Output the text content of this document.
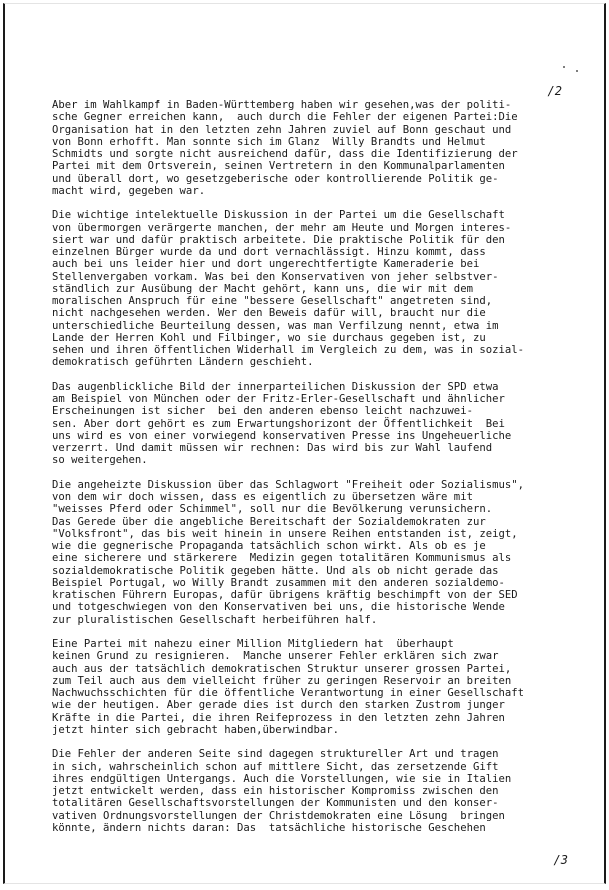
/2

Aber im Wahlkampf in Baden-Württemberg haben wir gesehen,was der politi-
sche Gegner erreichen kann,  auch durch die Fehler der eigenen Partei:Die
Organisation hat in den letzten zehn Jahren zuviel auf Bonn geschaut und
von Bonn erhofft. Man sonnte sich im Glanz  Willy Brandts und Helmut
Schmidts und sorgte nicht ausreichend dafür, dass die Identifizierung der
Partei mit dem Ortsverein, seinen Vertretern in den Kommunalparlamenten
und überall dort, wo gesetzgeberische oder kontrollierende Politik ge-
macht wird, gegeben war.

Die wichtige intelektuelle Diskussion in der Partei um die Gesellschaft
von übermorgen verärgerte manchen, der mehr am Heute und Morgen interes-
siert war und dafür praktisch arbeitete. Die praktische Politik für den
einzelnen Bürger wurde da und dort vernachlässigt. Hinzu kommt, dass
auch bei uns leider hier und dort ungerechtfertigte Kameraderie bei
Stellenvergaben vorkam. Was bei den Konservativen von jeher selbstver-
ständlich zur Ausübung der Macht gehört, kann uns, die wir mit dem
moralischen Anspruch für eine "bessere Gesellschaft" angetreten sind,
nicht nachgesehen werden. Wer den Beweis dafür will, braucht nur die
unterschiedliche Beurteilung dessen, was man Verfilzung nennt, etwa im
Lande der Herren Kohl und Filbinger, wo sie durchaus gegeben ist, zu
sehen und ihren öffentlichen Widerhall im Vergleich zu dem, was in sozial-
demokratisch geführten Ländern geschieht.

Das augenblickliche Bild der innerparteilichen Diskussion der SPD etwa
am Beispiel von München oder der Fritz-Erler-Gesellschaft und ähnlicher
Erscheinungen ist sicher  bei den anderen ebenso leicht nachzuwei-
sen. Aber dort gehört es zum Erwartungshorizont der Öffentlichkeit  Bei
uns wird es von einer vorwiegend konservativen Presse ins Ungeheuerliche
verzerrt. Und damit müssen wir rechnen: Das wird bis zur Wahl laufend
so weitergehen.

Die angeheizte Diskussion über das Schlagwort "Freiheit oder Sozialismus",
von dem wir doch wissen, dass es eigentlich zu übersetzen wäre mit
"weisses Pferd oder Schimmel", soll nur die Bevölkerung verunsichern.
Das Gerede über die angebliche Bereitschaft der Sozialdemokraten zur
"Volksfront", das bis weit hinein in unsere Reihen entstanden ist, zeigt,
wie die gegnerische Propaganda tatsächlich schon wirkt. Als ob es je
eine sicherere und stärkerere  Medizin gegen totalitären Kommunismus als
sozialdemokratische Politik gegeben hätte. Und als ob nicht gerade das
Beispiel Portugal, wo Willy Brandt zusammen mit den anderen sozialdemo-
kratischen Führern Europas, dafür übrigens kräftig beschimpft von der SED
und totgeschwiegen von den Konservativen bei uns, die historische Wende
zur pluralistischen Gesellschaft herbeiführen half.

Eine Partei mit nahezu einer Million Mitgliedern hat  überhaupt
keinen Grund zu resignieren.  Manche unserer Fehler erklären sich zwar
auch aus der tatsächlich demokratischen Struktur unserer grossen Partei,
zum Teil auch aus dem vielleicht früher zu geringen Reservoir an breiten
Nachwuchsschichten für die öffentliche Verantwortung in einer Gesellschaft
wie der heutigen. Aber gerade dies ist durch den starken Zustrom junger
Kräfte in die Partei, die ihren Reifeprozess in den letzten zehn Jahren
jetzt hinter sich gebracht haben,überwindbar.

Die Fehler der anderen Seite sind dagegen struktureller Art und tragen
in sich, wahrscheinlich schon auf mittlere Sicht, das zersetzende Gift
ihres endgültigen Untergangs. Auch die Vorstellungen, wie sie in Italien
jetzt entwickelt werden, dass ein historischer Kompromiss zwischen den
totalitären Gesellschaftsvorstellungen der Kommunisten und den konser-
vativen Ordnungsvorstellungen der Christdemokraten eine Lösung  bringen
könnte, ändern nichts daran: Das  tatsächliche historische Geschehen

/3
